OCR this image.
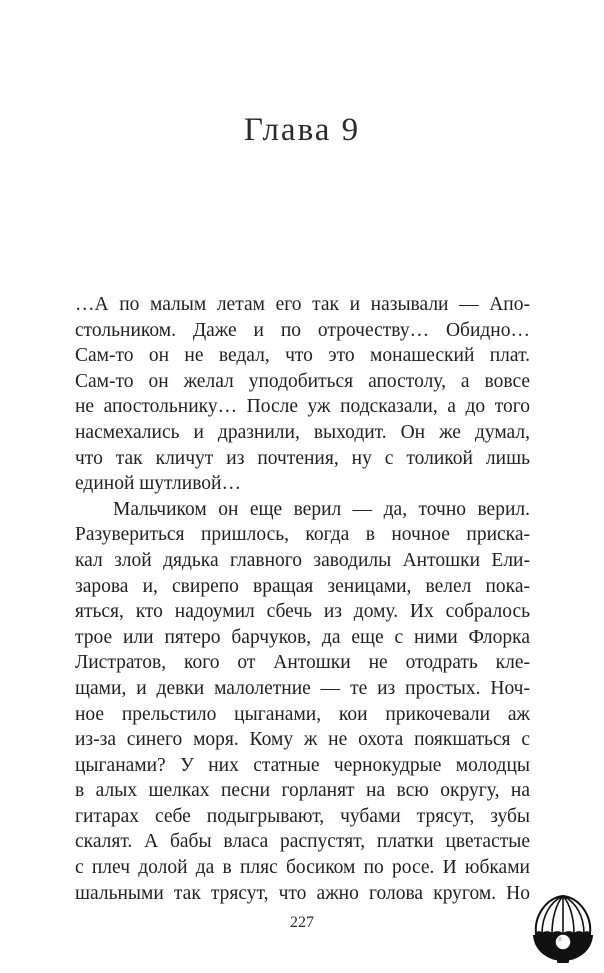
Глава 9
…А по малым летам его так и называли — Апо-
стольником. Даже и по отрочеству… Обидно…
Сам-то он не ведал, что это монашеский плат.
Сам-то он желал уподобиться апостолу, а вовсе
не апостольнику… После уж подсказали, а до того
насмехались и дразнили, выходит. Он же думал,
что так кличут из почтения, ну с толикой лишь
единой шутливой…
Мальчиком он еще верил — да, точно верил.
Разувериться пришлось, когда в ночное приска-
кал злой дядька главного заводилы Антошки Ели-
зарова и, свирепо вращая зеницами, велел пока-
яться, кто надоумил сбечь из дому. Их собралось
трое или пятеро барчуков, да еще с ними Флорка
Листратов, кого от Антошки не отодрать кле-
щами, и девки малолетние — те из простых. Ноч-
ное прельстило цыганами, кои прикочевали аж
из-за синего моря. Кому ж не охота поякшаться с
цыганами? У них статные чернокудрые молодцы
в алых шелках песни горланят на всю округу, на
гитарах себе подыгрывают, чубами трясут, зубы
скалят. А бабы власа распустят, платки цветастые
с плеч долой да в пляс босиком по росе. И юбками
шальными так трясут, что ажно голова кругом. Но
227
